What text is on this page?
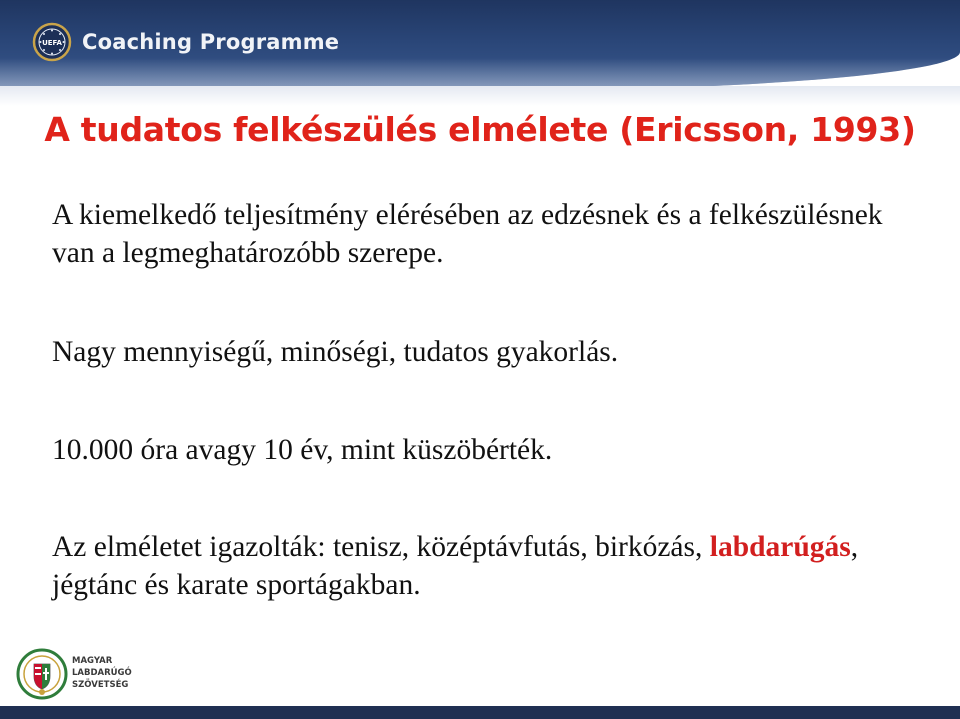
UEFA Coaching Programme
A tudatos felkészülés elmélete (Ericsson, 1993)
A kiemelkedő teljesítmény elérésében az edzésnek és a felkészülésnek van a legmeghatározóbb szerepe.
Nagy mennyiségű, minőségi, tudatos gyakorlás.
10.000 óra avagy 10 év, mint küszöbérték.
Az elméletet igazolták: tenisz, középtávfutás, birkózás, labdarúgás, jégtánc és karate sportágakban.
MAGYAR
LABDARÚGÓ
SZÖVETSÉG
